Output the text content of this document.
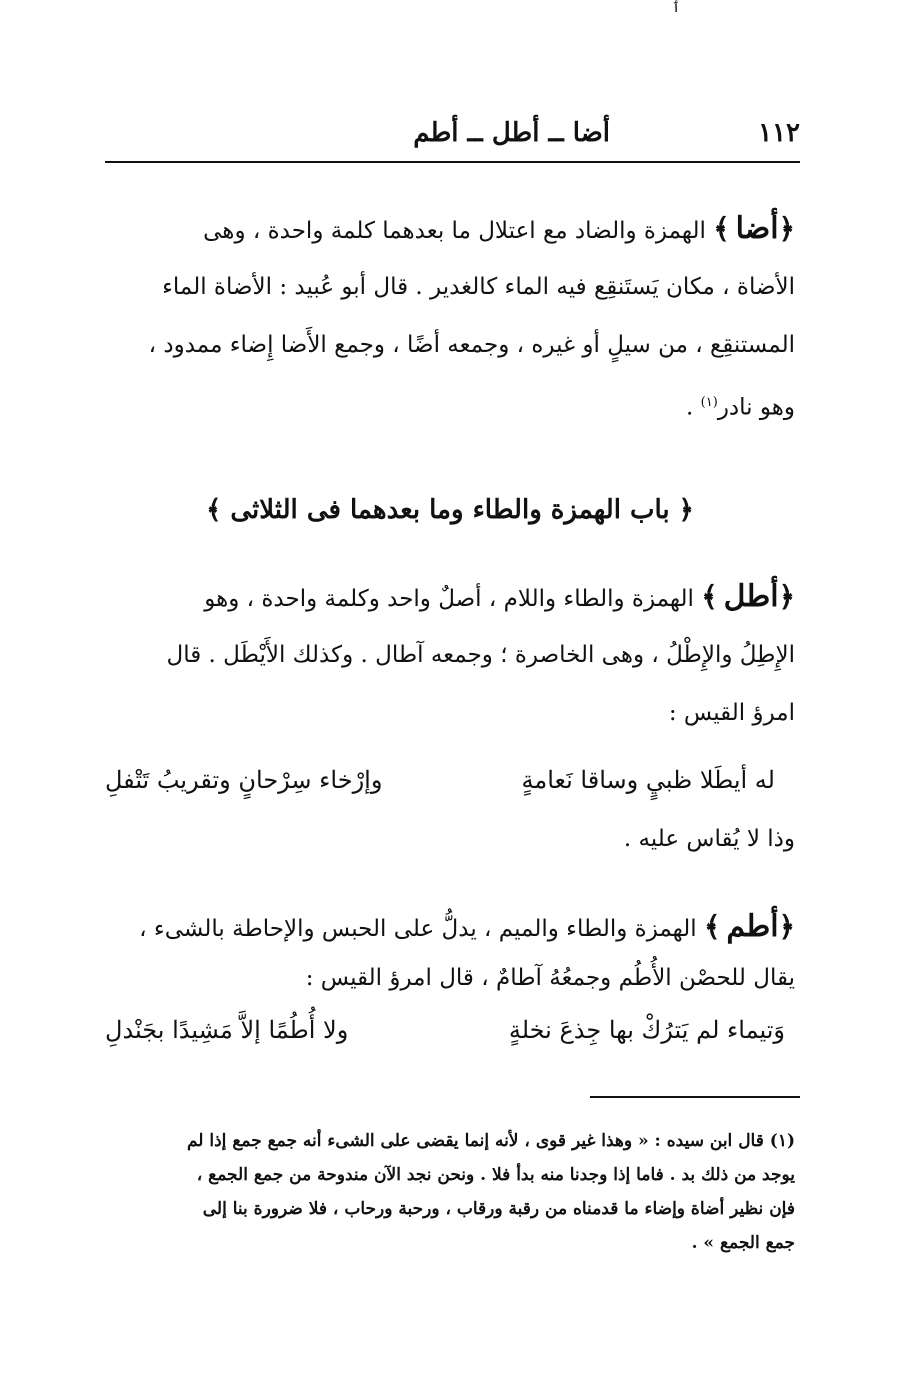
ٲ
١١٢
أضا ــ أطل ــ أطم
﴿أضا﴾ الهمزة والضاد مع اعتلال ما بعدهما كلمة واحدة ، وهى
الأضاة ، مكان يَستَنقِع فيه الماء كالغدير . قال أبو عُبيد : الأضاة الماء
المستنقِع ، من سيلٍ أو غيره ، وجمعه أضًا ، وجمع الأَضا إِضاء ممدود ،
وهو نادر$^{(١)}$ .
﴿ باب الهمزة والطاء وما بعدهما فى الثلاثى ﴾
﴿أطل﴾ الهمزة والطاء واللام ، أصلٌ واحد وكلمة واحدة ، وهو
الإِطِلُ والإِطْلُ ، وهى الخاصرة ؛ وجمعه آطال . وكذلك الأَيْطَل . قال
امرؤ القيس :
له أيطَلا ظبيٍ وساقا نَعامةٍ
وإرْخاء سِرْحانٍ وتقريبُ تَتْفلِ
وذا لا يُقاس عليه .
﴿أطم﴾ الهمزة والطاء والميم ، يدلُّ على الحبس والإحاطة بالشىء ،
يقال للحصْن الأُطُم وجمعُهُ آطامٌ ، قال امرؤ القيس :
وَتيماء لم يَترُكْ بها جِذعَ نخلةٍ
ولا أُطُمًا إلاَّ مَشِيدًا بجَنْدلِ
(١) قال ابن سيده : « وهذا غير قوى ، لأنه إنما يقضى على الشىء أنه جمع جمع إذا لم
يوجد من ذلك بد . فاما إذا وجدنا منه بدأ فلا . ونحن نجد الآن مندوحة من جمع الجمع ،
فإن نظير أضاة وإضاء ما قدمناه من رقبة ورقاب ، ورحبة ورحاب ، فلا ضرورة بنا إلى
جمع الجمع » .
